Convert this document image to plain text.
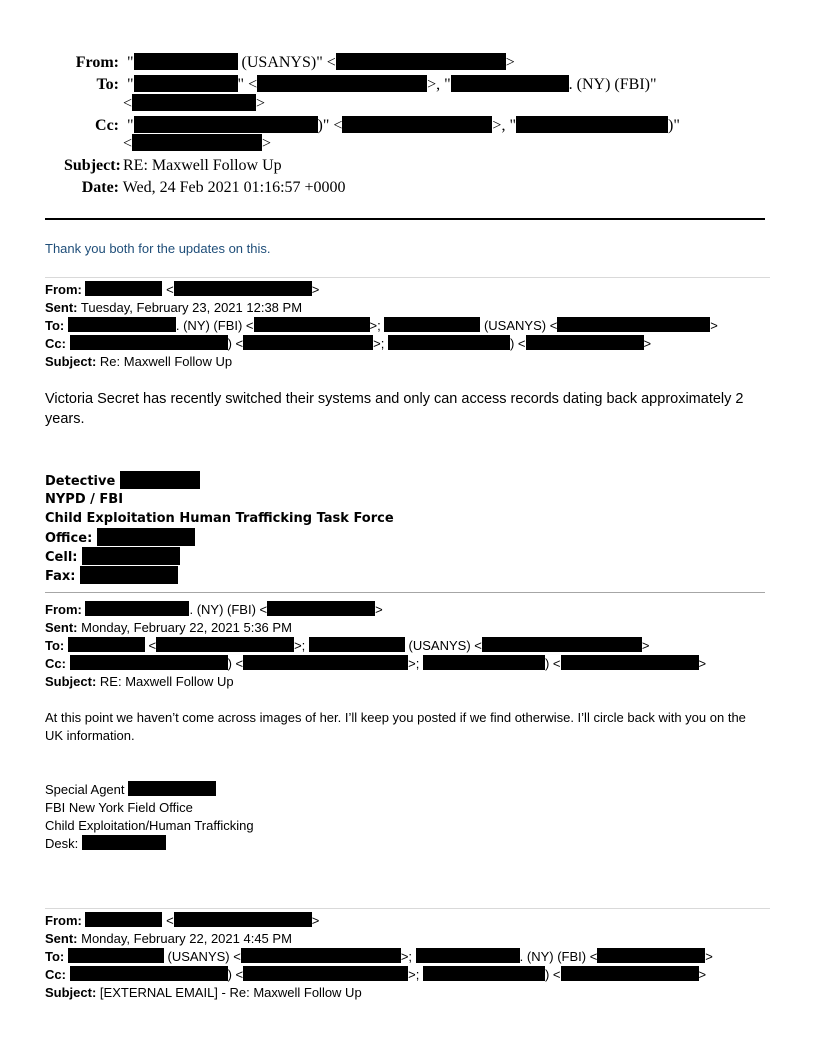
From:  "	(USANYS)" <	>
To:  "	" <	>, "	. (NY) (FBI)"
<	>
Cc:  "	)" <	>, "	)"
<	>
Subject: RE: Maxwell Follow Up
Date: Wed, 24 Feb 2021 01:16:57 +0000
Thank you both for the updates on this.
From:	<	>
Sent: Tuesday, February 23, 2021 12:38 PM
To:	. (NY) (FBI) <	>;	(USANYS) <	>
Cc:	) <	>;	) <	>
Subject: Re: Maxwell Follow Up
Victoria Secret has recently switched their systems and only can access records dating back approximately 2 years.
Detective
NYPD / FBI
Child Exploitation Human Trafficking Task Force
Office:
Cell:
Fax:
From:	. (NY) (FBI) <	>
Sent: Monday, February 22, 2021 5:36 PM
To:	<	>;	(USANYS) <	>
Cc:	) <	>;	) <	>
Subject: RE: Maxwell Follow Up
At this point we haven’t come across images of her. I’ll keep you posted if we find otherwise. I’ll circle back with you on the UK information.
Special Agent
FBI New York Field Office
Child Exploitation/Human Trafficking
Desk:
From:	<	>
Sent: Monday, February 22, 2021 4:45 PM
To:	(USANYS) <	>;	. (NY) (FBI) <	>
Cc:	) <	>;	) <	>
Subject: [EXTERNAL EMAIL] - Re: Maxwell Follow Up
